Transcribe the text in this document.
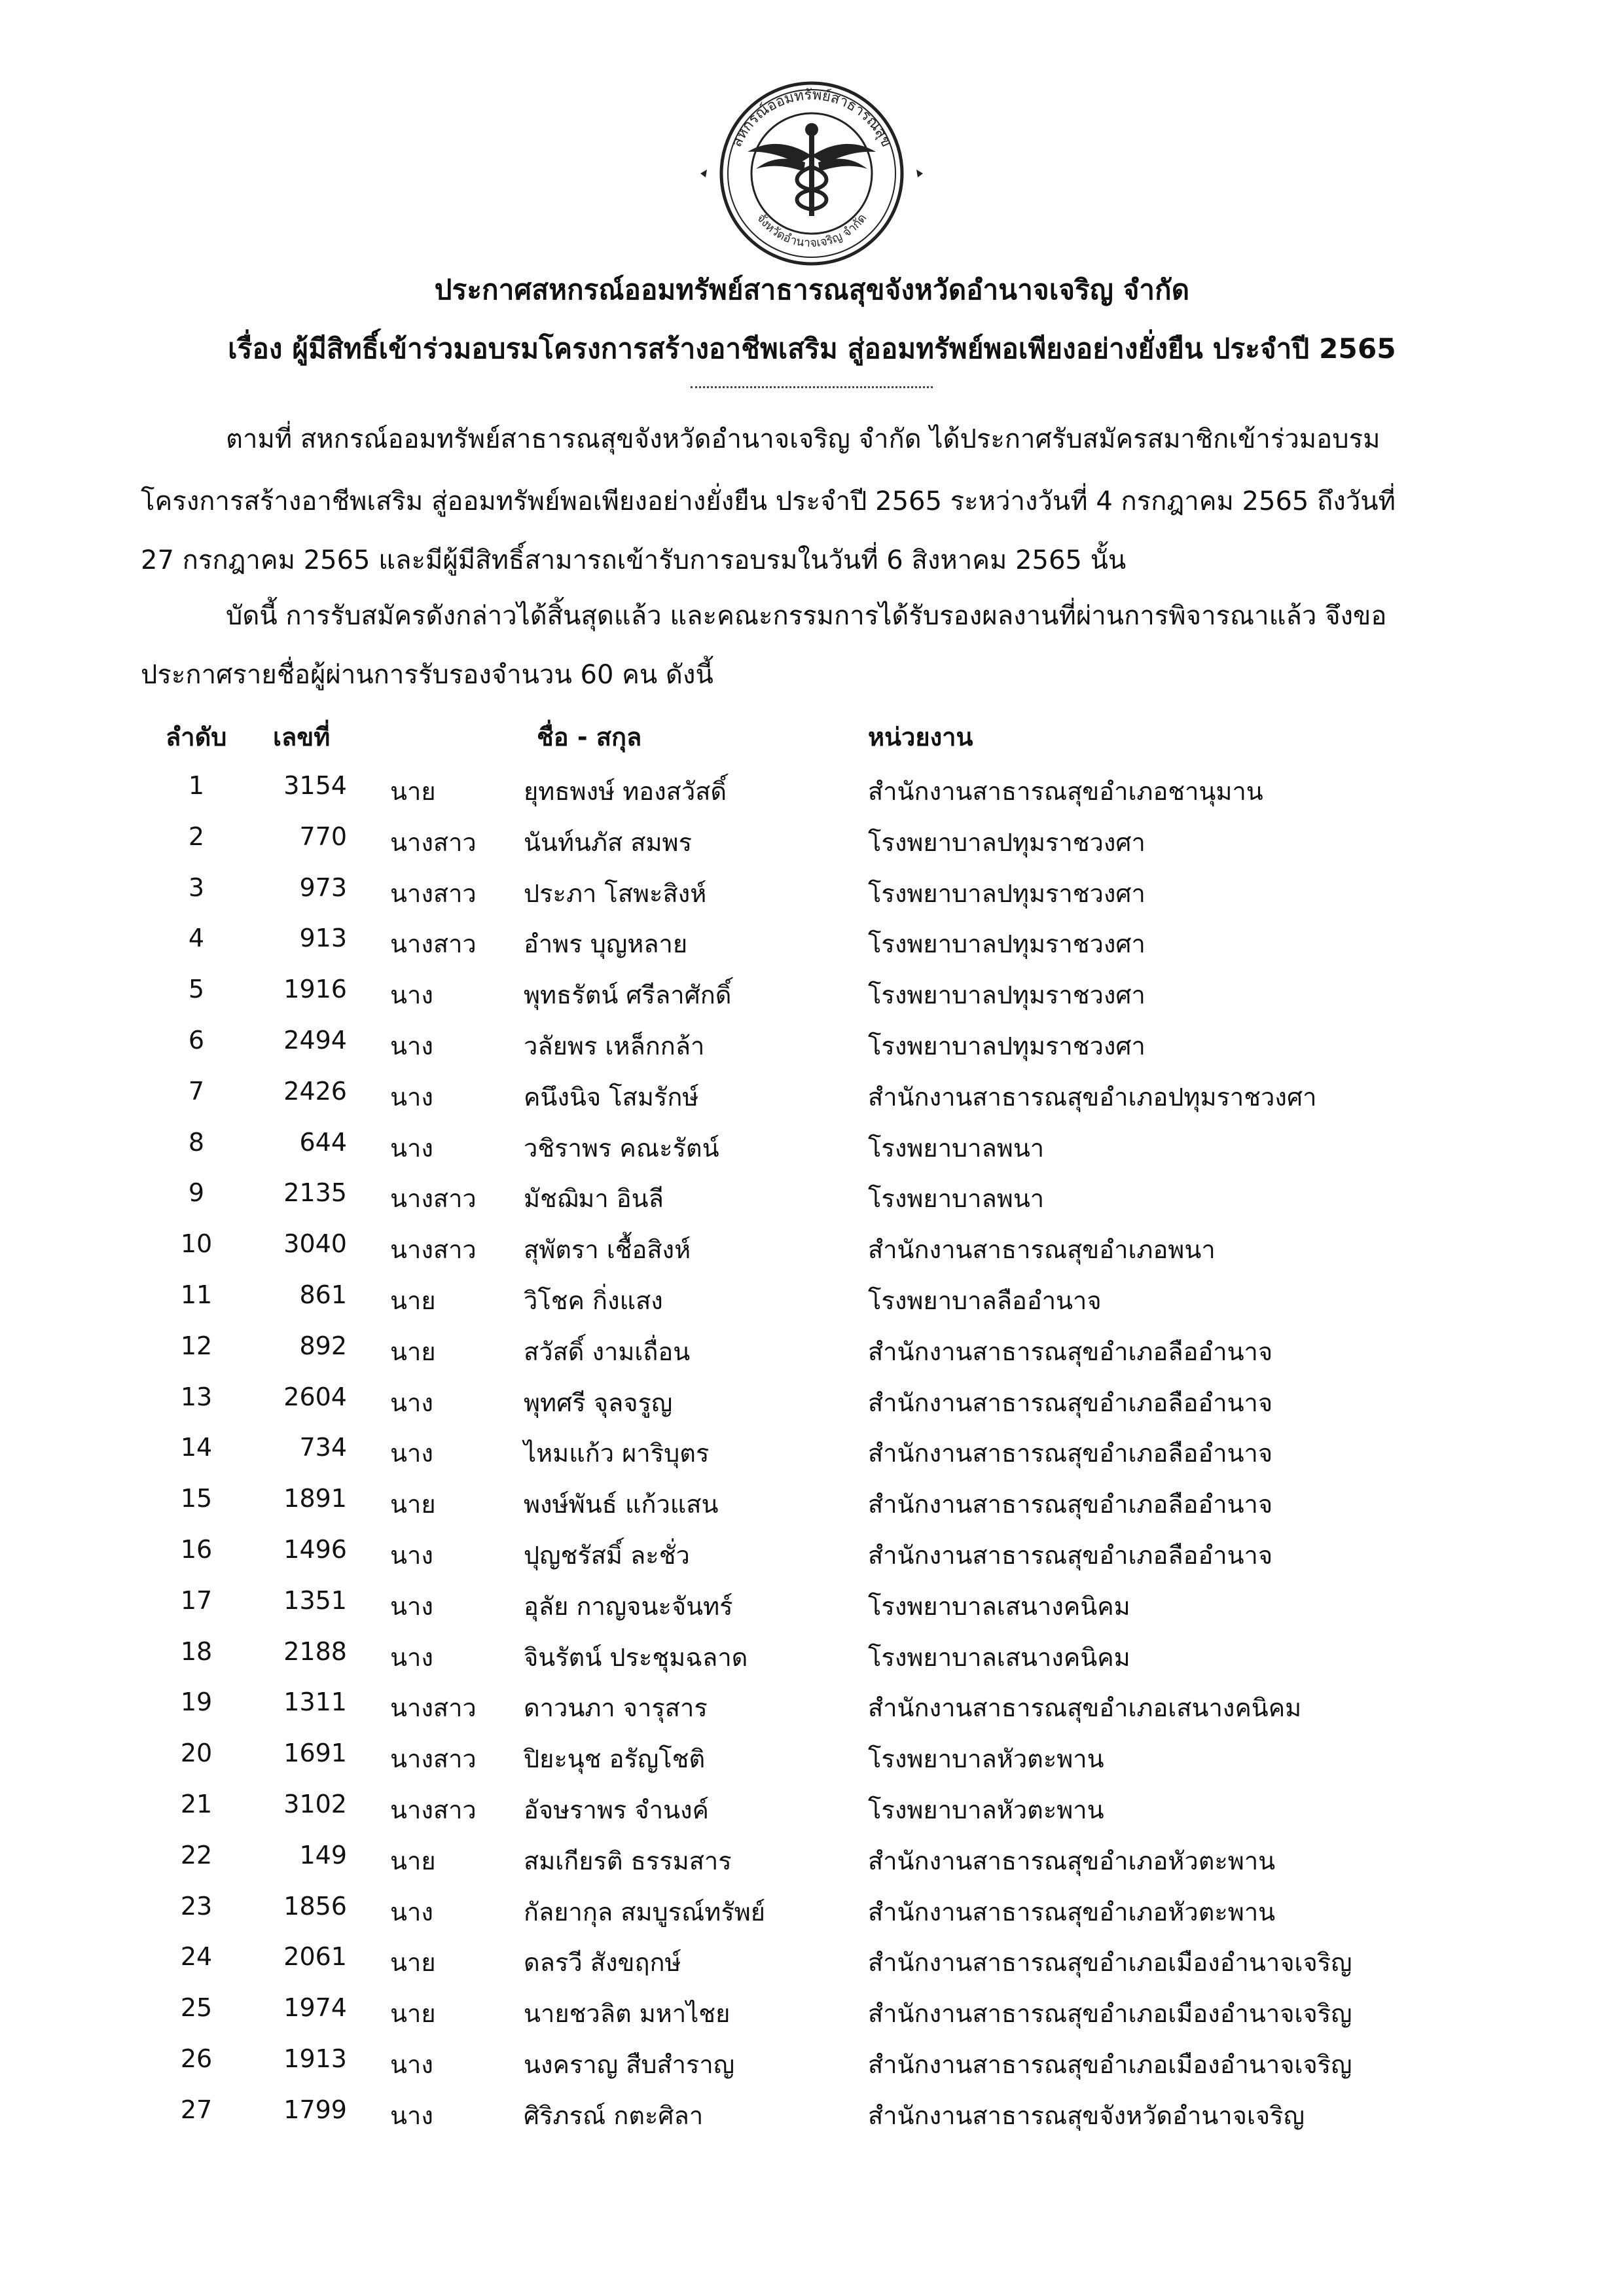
สหกรณ์ออมทรัพย์สาธารณสุข
จังหวัดอำนาจเจริญ จำกัด
ประกาศสหกรณ์ออมทรัพย์สาธารณสุขจังหวัดอำนาจเจริญ จำกัด
เรื่อง ผู้มีสิทธิ์เข้าร่วมอบรมโครงการสร้างอาชีพเสริม สู่ออมทรัพย์พอเพียงอย่างยั่งยืน ประจำปี 2565
ตามที่ สหกรณ์ออมทรัพย์สาธารณสุขจังหวัดอำนาจเจริญ จำกัด ได้ประกาศรับสมัครสมาชิกเข้าร่วมอบรม
โครงการสร้างอาชีพเสริม สู่ออมทรัพย์พอเพียงอย่างยั่งยืน ประจำปี 2565 ระหว่างวันที่ 4 กรกฎาคม 2565 ถึงวันที่
27 กรกฎาคม 2565 และมีผู้มีสิทธิ์สามารถเข้ารับการอบรมในวันที่ 6 สิงหาคม 2565 นั้น
บัดนี้ การรับสมัครดังกล่าวได้สิ้นสุดแล้ว และคณะกรรมการได้รับรองผลงานที่ผ่านการพิจารณาแล้ว จึงขอ
ประกาศรายชื่อผู้ผ่านการรับรองจำนวน 60 คน ดังนี้
ลำดับ เลขที่	ชื่อ - สกุล	หน่วยงาน
1	3154 นาย	ยุทธพงษ์ ทองสวัสดิ์	สำนักงานสาธารณสุขอำเภอชานุมาน
2	770 นางสาว นันท์นภัส สมพร	โรงพยาบาลปทุมราชวงศา
3	973 นางสาว ประภา โสพะสิงห์	โรงพยาบาลปทุมราชวงศา
4	913 นางสาว อำพร บุญหลาย	โรงพยาบาลปทุมราชวงศา
5	1916 นาง	พุทธรัตน์ ศรีลาศักดิ์	โรงพยาบาลปทุมราชวงศา
6	2494 นาง	วลัยพร เหล็กกล้า	โรงพยาบาลปทุมราชวงศา
7	2426 นาง	คนึงนิจ โสมรักษ์	สำนักงานสาธารณสุขอำเภอปทุมราชวงศา
8	644 นาง	วชิราพร คณะรัตน์	โรงพยาบาลพนา
9	2135 นางสาว มัชฌิมา อินลี	โรงพยาบาลพนา
10	3040 นางสาว สุพัตรา เชื้อสิงห์	สำนักงานสาธารณสุขอำเภอพนา
11	861 นาย	วิโชค กิ่งแสง	โรงพยาบาลลืออำนาจ
12	892 นาย	สวัสดิ์ งามเถื่อน	สำนักงานสาธารณสุขอำเภอลืออำนาจ
13	2604 นาง	พุทศรี จุลจรูญ	สำนักงานสาธารณสุขอำเภอลืออำนาจ
14	734 นาง	ไหมแก้ว ผาริบุตร	สำนักงานสาธารณสุขอำเภอลืออำนาจ
15	1891 นาย	พงษ์พันธ์ แก้วแสน	สำนักงานสาธารณสุขอำเภอลืออำนาจ
16	1496 นาง	ปุญชรัสมิ์ ละชั่ว	สำนักงานสาธารณสุขอำเภอลืออำนาจ
17	1351 นาง	อุลัย กาญจนะจันทร์	โรงพยาบาลเสนางคนิคม
18	2188 นาง	จินรัตน์ ประชุมฉลาด	โรงพยาบาลเสนางคนิคม
19	1311 นางสาว ดาวนภา จารุสาร	สำนักงานสาธารณสุขอำเภอเสนางคนิคม
20	1691 นางสาว ปิยะนุช อรัญโชติ	โรงพยาบาลหัวตะพาน
21	3102 นางสาว อัจษราพร จำนงค์	โรงพยาบาลหัวตะพาน
22	149 นาย	สมเกียรติ ธรรมสาร	สำนักงานสาธารณสุขอำเภอหัวตะพาน
23	1856 นาง	กัลยากุล สมบูรณ์ทรัพย์	สำนักงานสาธารณสุขอำเภอหัวตะพาน
24	2061 นาย	ดลรวี สังขฤกษ์	สำนักงานสาธารณสุขอำเภอเมืองอำนาจเจริญ
25	1974 นาย	นายชวลิต มหาไชย	สำนักงานสาธารณสุขอำเภอเมืองอำนาจเจริญ
26	1913 นาง	นงคราญ สืบสำราญ	สำนักงานสาธารณสุขอำเภอเมืองอำนาจเจริญ
27	1799 นาง	ศิริภรณ์ กตะศิลา	สำนักงานสาธารณสุขจังหวัดอำนาจเจริญ
